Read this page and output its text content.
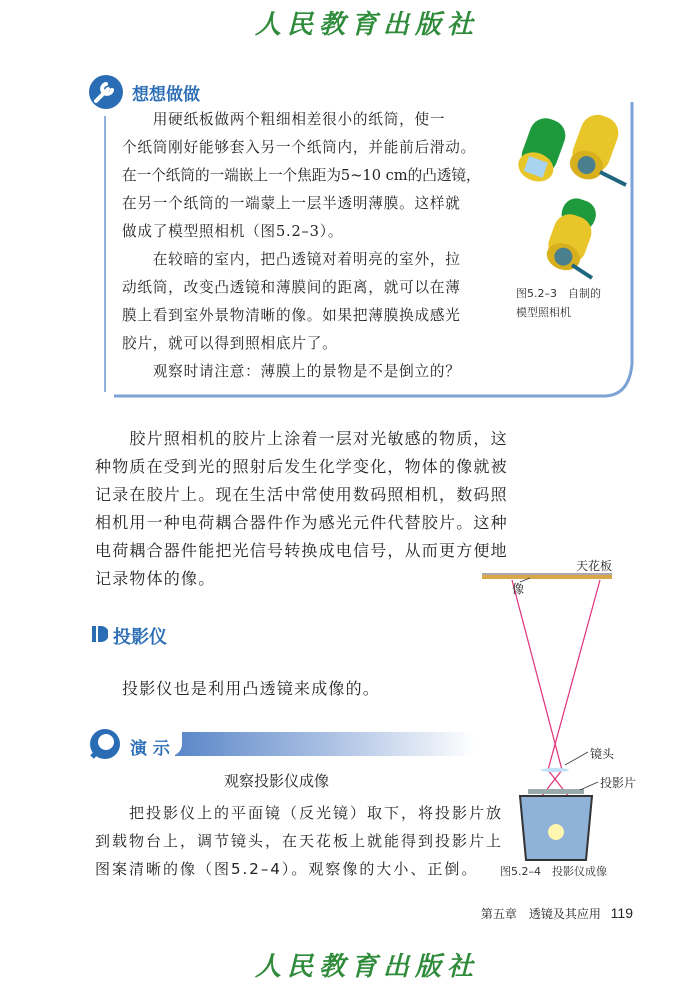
人民教育出版社
想想做做
　　用硬纸板做两个粗细相差很小的纸筒，使一
个纸筒刚好能够套入另一个纸筒内，并能前后滑动。
在一个纸筒的一端嵌上一个焦距为5~10 cm的凸透镜，
在另一个纸筒的一端蒙上一层半透明薄膜。这样就
做成了模型照相机（图5.2–3）。
　　在较暗的室内，把凸透镜对着明亮的室外，拉
动纸筒，改变凸透镜和薄膜间的距离，就可以在薄
膜上看到室外景物清晰的像。如果把薄膜换成感光
胶片，就可以得到照相底片了。
　　观察时请注意：薄膜上的景物是不是倒立的？
图5.2–3　自制的
模型照相机
　　胶片照相机的胶片上涂着一层对光敏感的物质，这
种物质在受到光的照射后发生化学变化，物体的像就被
记录在胶片上。现在生活中常使用数码照相机，数码照
相机用一种电荷耦合器件作为感光元件代替胶片。这种
电荷耦合器件能把光信号转换成电信号，从而更方便地
记录物体的像。
投影仪
投影仪也是利用凸透镜来成像的。
演 示
观察投影仪成像
　　把投影仪上的平面镜（反光镜）取下，将投影片放
到载物台上，调节镜头，在天花板上就能得到投影片上
图案清晰的像（图5.2–4）。观察像的大小、正倒。
天花板
像
镜头
投影片
图5.2–4　投影仪成像
第五章　透镜及其应用 119
人民教育出版社
